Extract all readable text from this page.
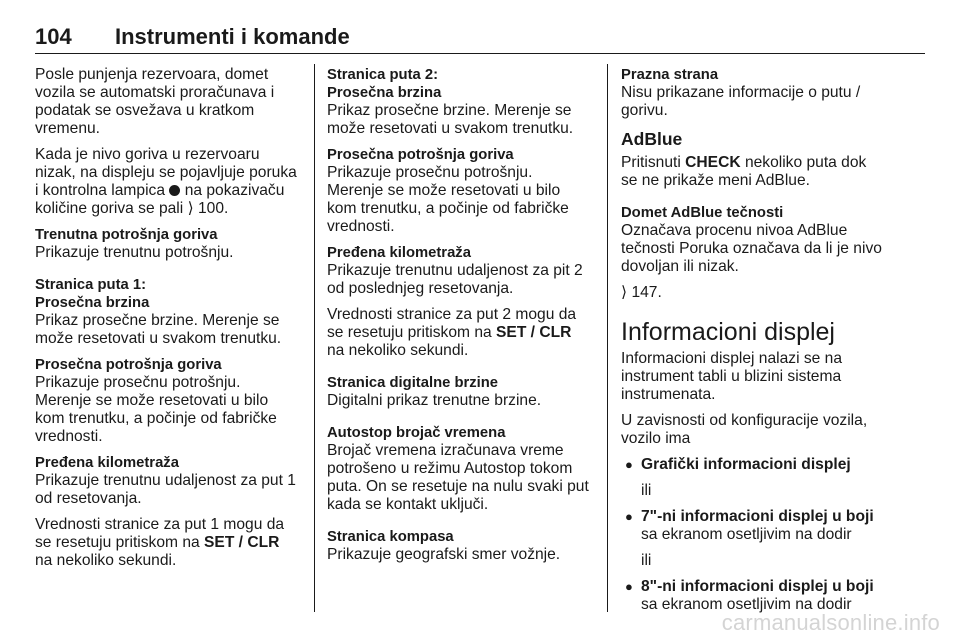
104 Instrumenti i komande

Posle punjenja rezervoara, domet vozila se automatski proračunava i podatak se osvežava u kratkom vremenu.

Kada je nivo goriva u rezervoaru nizak, na displeju se pojavljuje poruka i kontrolna lampica na pokazivaču količine goriva se pali ⟩ 100.

Trenutna potrošnja goriva

Prikazuje trenutnu potrošnju.

Stranica puta 1:
Prosečna brzina

Prikaz prosečne brzine. Merenje se može resetovati u svakom trenutku.

Prosečna potrošnja goriva

Prikazuje prosečnu potrošnju. Merenje se može resetovati u bilo kom trenutku, a počinje od fabričke vrednosti.

Pređena kilometraža

Prikazuje trenutnu udaljenost za put 1 od resetovanja.

Vrednosti stranice za put 1 mogu da se resetuju pritiskom na SET / CLR na nekoliko sekundi.

Stranica puta 2:
Prosečna brzina

Prikaz prosečne brzine. Merenje se može resetovati u svakom trenutku.

Prosečna potrošnja goriva

Prikazuje prosečnu potrošnju. Merenje se može resetovati u bilo kom trenutku, a počinje od fabričke vrednosti.

Pređena kilometraža

Prikazuje trenutnu udaljenost za pit 2 od poslednjeg resetovanja.

Vrednosti stranice za put 2 mogu da se resetuju pritiskom na SET / CLR na nekoliko sekundi.

Stranica digitalne brzine

Digitalni prikaz trenutne brzine.

Autostop brojač vremena

Brojač vremena izračunava vreme potrošeno u režimu Autostop tokom puta. On se resetuje na nulu svaki put kada se kontakt uključi.

Stranica kompasa

Prikazuje geografski smer vožnje.

Prazna strana

Nisu prikazane informacije o putu / gorivu.

AdBlue

Pritisnuti CHECK nekoliko puta dok se ne prikaže meni AdBlue.

Domet AdBlue tečnosti

Označava procenu nivoa AdBlue tečnosti Poruka označava da li je nivo dovoljan ili nizak.

⟩ 147.

Informacioni displej

Informacioni displej nalazi se na instrument tabli u blizini sistema instrumenata.

U zavisnosti od konfiguracije vozila, vozilo ima

● Grafički informacioni displej

ili

● 7"-ni informacioni displej u boji sa ekranom osetljivim na dodir

ili

● 8"-ni informacioni displej u boji sa ekranom osetljivim na dodir
carmanualsonline.info
